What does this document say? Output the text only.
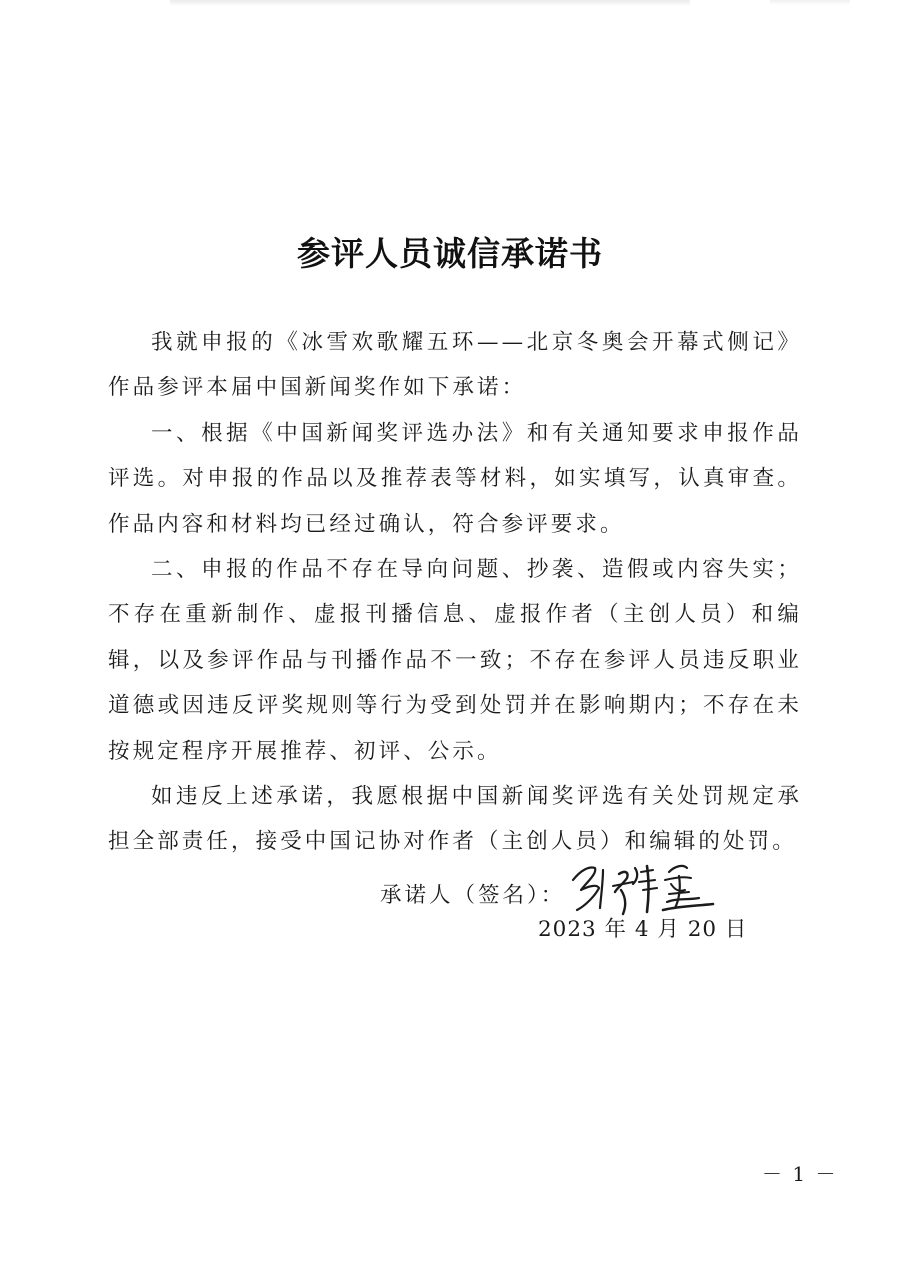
参评人员诚信承诺书

我就申报的《冰雪欢歌耀五环——北京冬奥会开幕式侧记》作品参评本届中国新闻奖作如下承诺：

一、根据《中国新闻奖评选办法》和有关通知要求申报作品评选。对申报的作品以及推荐表等材料，如实填写，认真审查。作品内容和材料均已经过确认，符合参评要求。

二、申报的作品不存在导向问题、抄袭、造假或内容失实；不存在重新制作、虚报刊播信息、虚报作者（主创人员）和编辑，以及参评作品与刊播作品不一致；不存在参评人员违反职业道德或因违反评奖规则等行为受到处罚并在影响期内；不存在未按规定程序开展推荐、初评、公示。

如违反上述承诺，我愿根据中国新闻奖评选有关处罚规定承担全部责任，接受中国记协对作者（主创人员）和编辑的处罚。

承诺人（签名）：
2023 年 4 月 20 日
－ 1 －
